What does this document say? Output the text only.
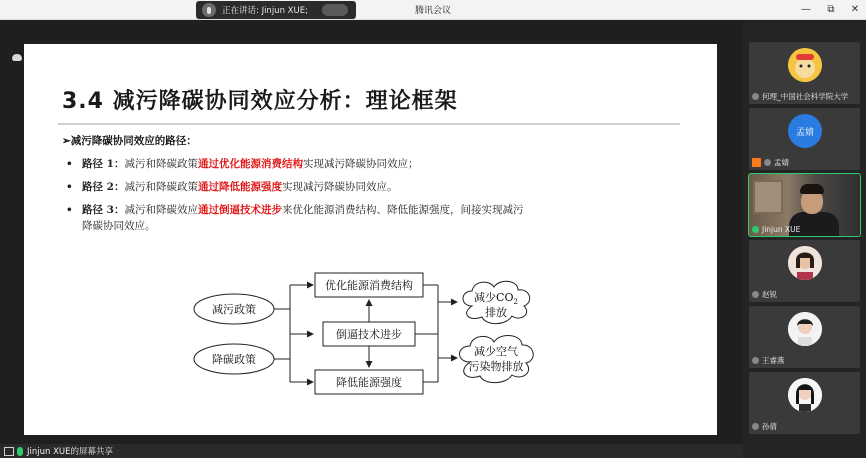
正在讲话: Jinjun XUE;	腾讯会议	—	⧉	✕
3.4 减污降碳协同效应分析：理论框架
➢减污降碳协同效应的路径：
• 路径 1：减污和降碳政策通过优化能源消费结构实现减污降碳协同效应；
• 路径 2：减污和降碳政策通过降低能源强度实现减污降碳协同效应。
• 路径 3：减污和降碳效应通过倒逼技术进步来优化能源消费结构、降低能源强度，间接实现减污
降碳协同效应。
减污政策
降碳政策
优化能源消费结构
倒逼技术进步
降低能源强度
减少$CO_2$
排放
减少空气
污染物排放
Jinjun XUE的屏幕共享
何理_中国社会科学院大学
孟婧
孟婧
Jinjun XUE
赵锐
王睿燕
孙倩
